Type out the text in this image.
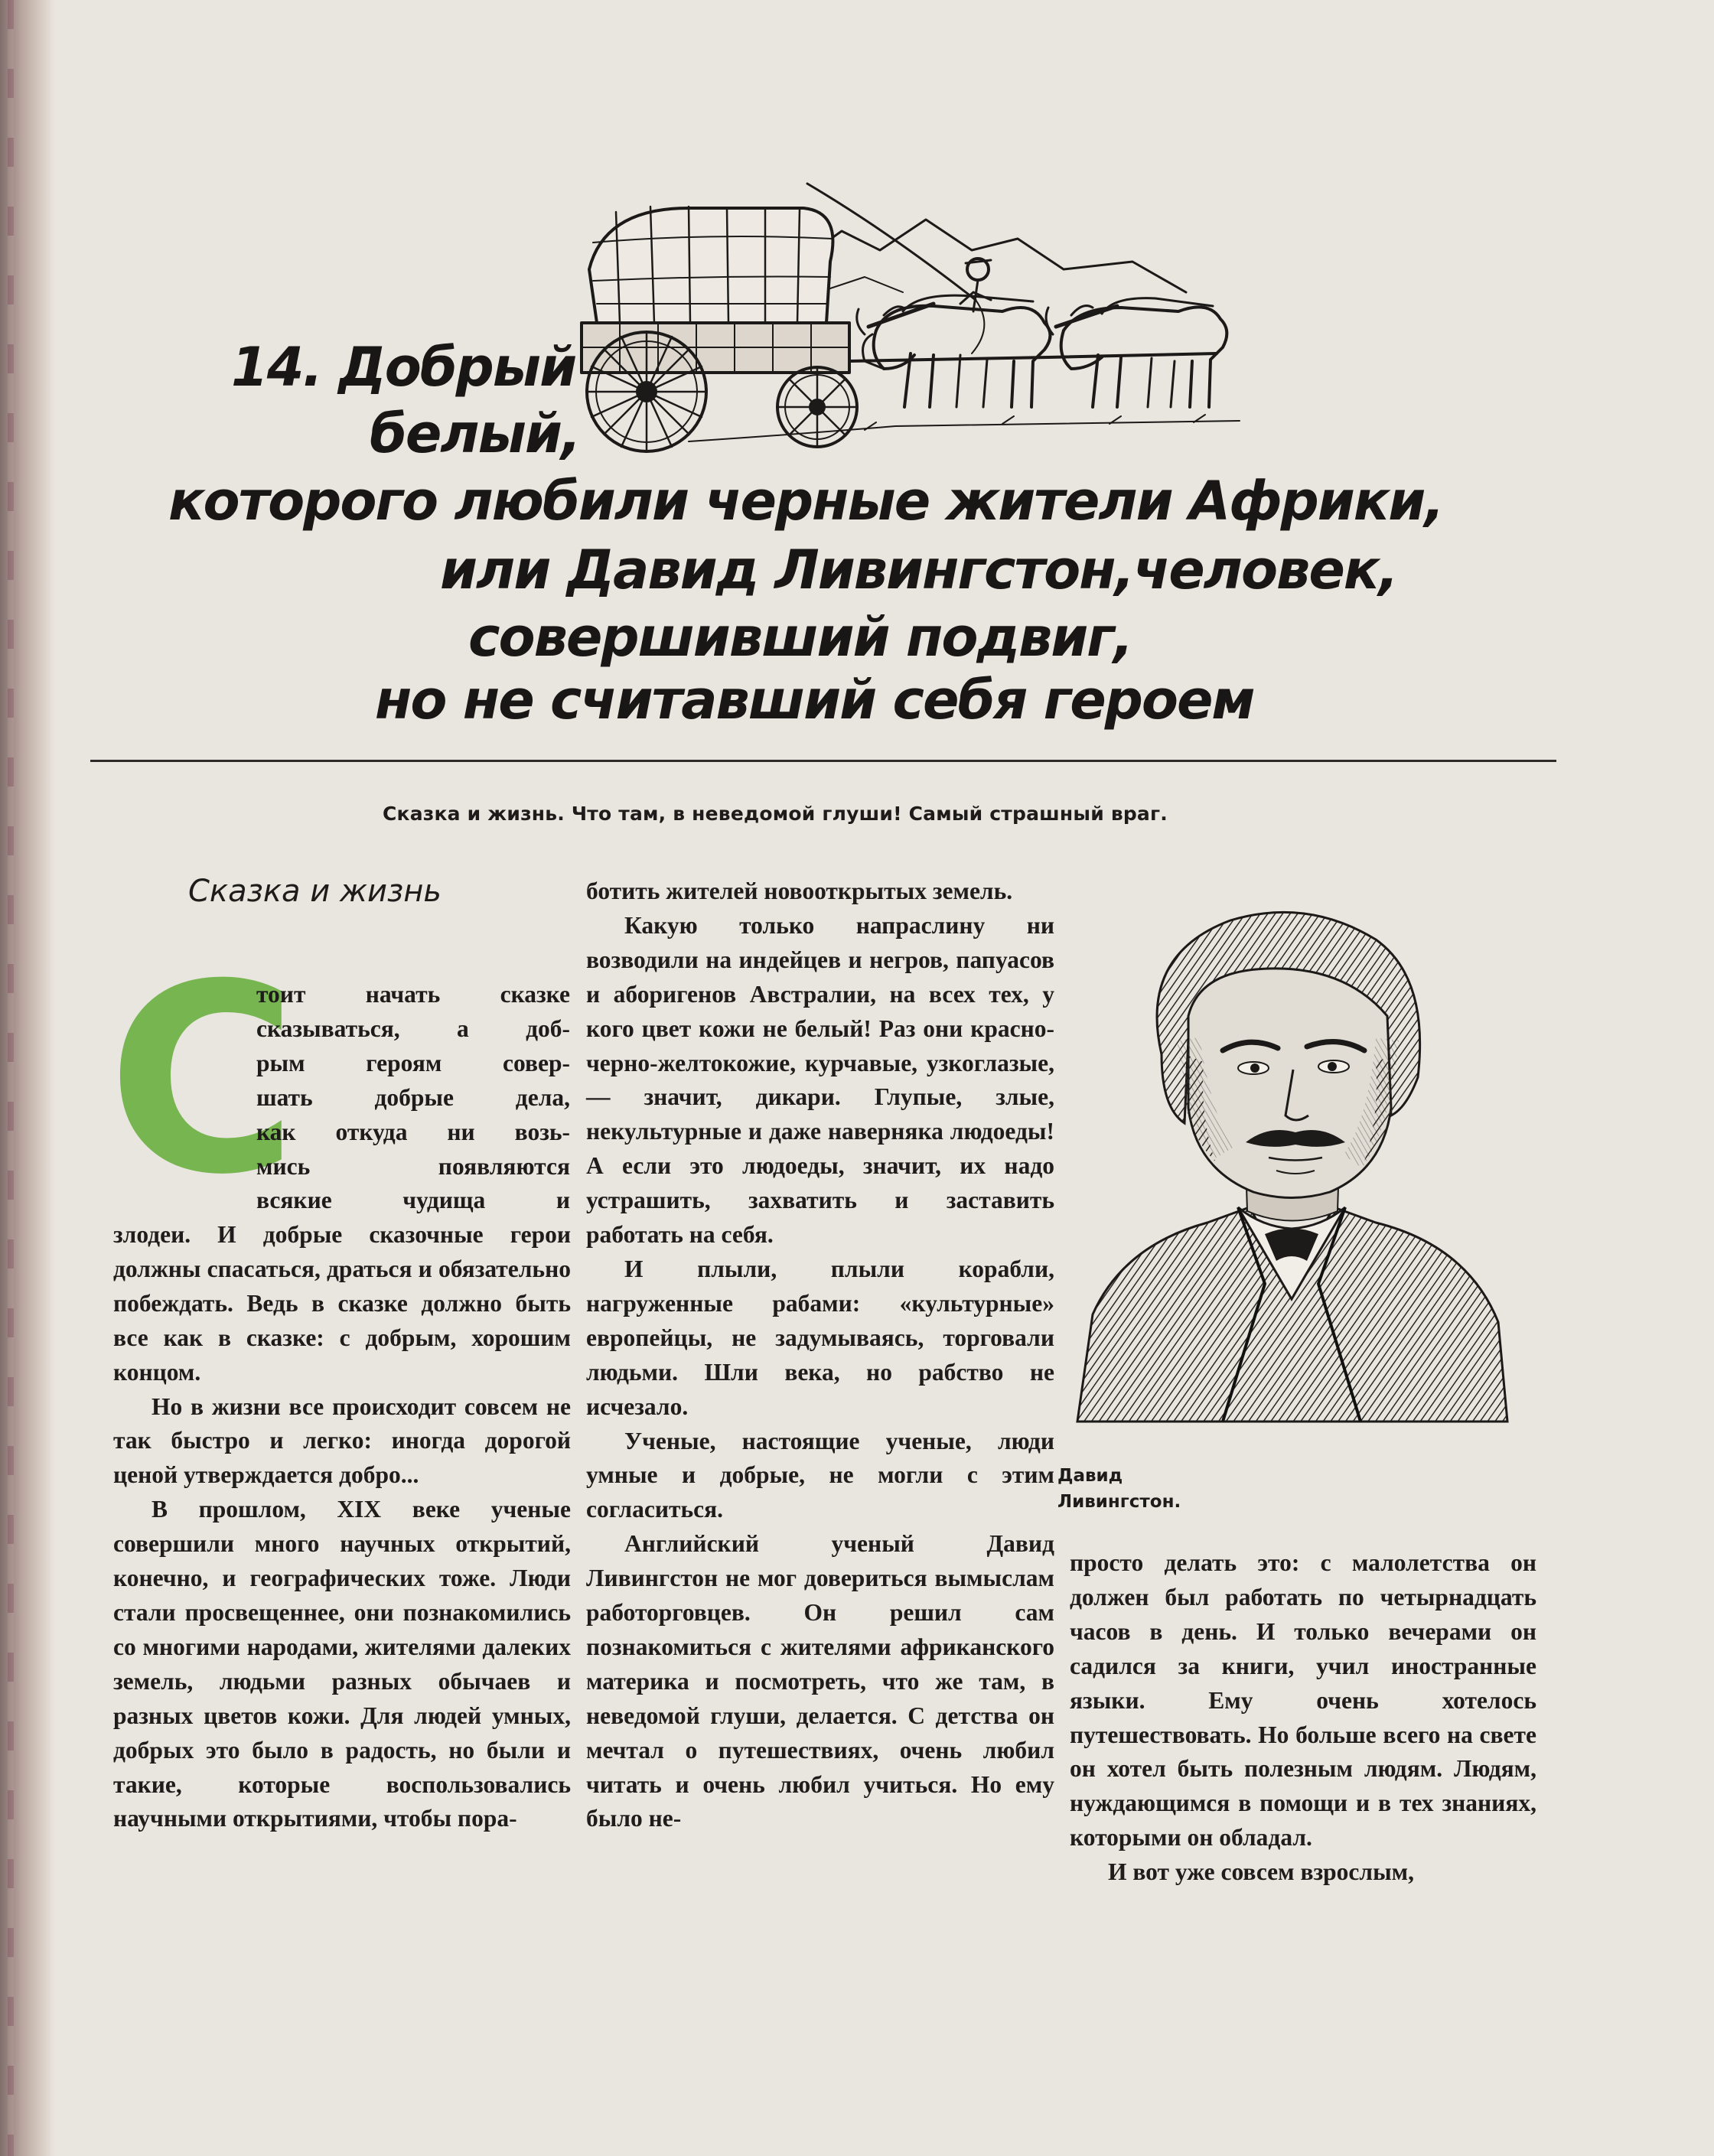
14. Добрый
белый,
которого любили черные жители Африки,
или Давид Ливингстон,человек,
совершивший подвиг,
но не считавший себя героем
Сказка и жизнь. Что там, в неведомой глуши! Самый страшный враг.
Сказка и жизнь
С
тоит начать сказке
сказываться, а доб-
рым героям совер-
шать добрые дела,
как откуда ни возь-
мись появляются
всякие чудища и

злодеи. И добрые сказочные герои должны спасаться, драться и обязательно побеждать. Ведь в сказке должно быть все как в сказке: с добрым, хорошим концом.

Но в жизни все происходит совсем не так быстро и легко: иногда дорогой ценой утверждается добро...

В прошлом, XIX веке ученые совершили много научных открытий, конечно, и географических тоже. Люди стали просвещеннее, они познакомились со многими народами, жителями далеких земель, людьми разных обычаев и разных цветов кожи. Для людей умных, добрых это было в радость, но были и такие, которые воспользовались научными открытиями, чтобы пора-

ботить жителей новооткрытых земель.

Какую только напраслину ни возводили на индейцев и негров, папуасов и аборигенов Австралии, на всех тех, у кого цвет кожи не белый! Раз они красно-черно-желтокожие, курчавые, узкоглазые, — значит, дикари. Глупые, злые, некультурные и даже наверняка людоеды! А если это людоеды, значит, их надо устрашить, захватить и заставить работать на себя.

И плыли, плыли корабли, нагруженные рабами: «культурные» европейцы, не задумываясь, торговали людьми. Шли века, но рабство не исчезало.

Ученые, настоящие ученые, люди умные и добрые, не могли с этим согласиться.

Английский ученый Давид Ливингстон не мог довериться вымыслам работорговцев. Он решил сам познакомиться с жителями африканского материка и посмотреть, что же там, в неведомой глуши, делается. С детства он мечтал о путешествиях, очень любил читать и очень любил учиться. Но ему было не-

Давид Ливингстон.

просто делать это: с малолетства он должен был работать по четырнадцать часов в день. И только вечерами он садился за книги, учил иностранные языки. Ему очень хотелось путешествовать. Но больше всего на свете он хотел быть полезным людям. Людям, нуждающимся в помощи и в тех знаниях, которыми он обладал.

И вот уже совсем взрослым,
